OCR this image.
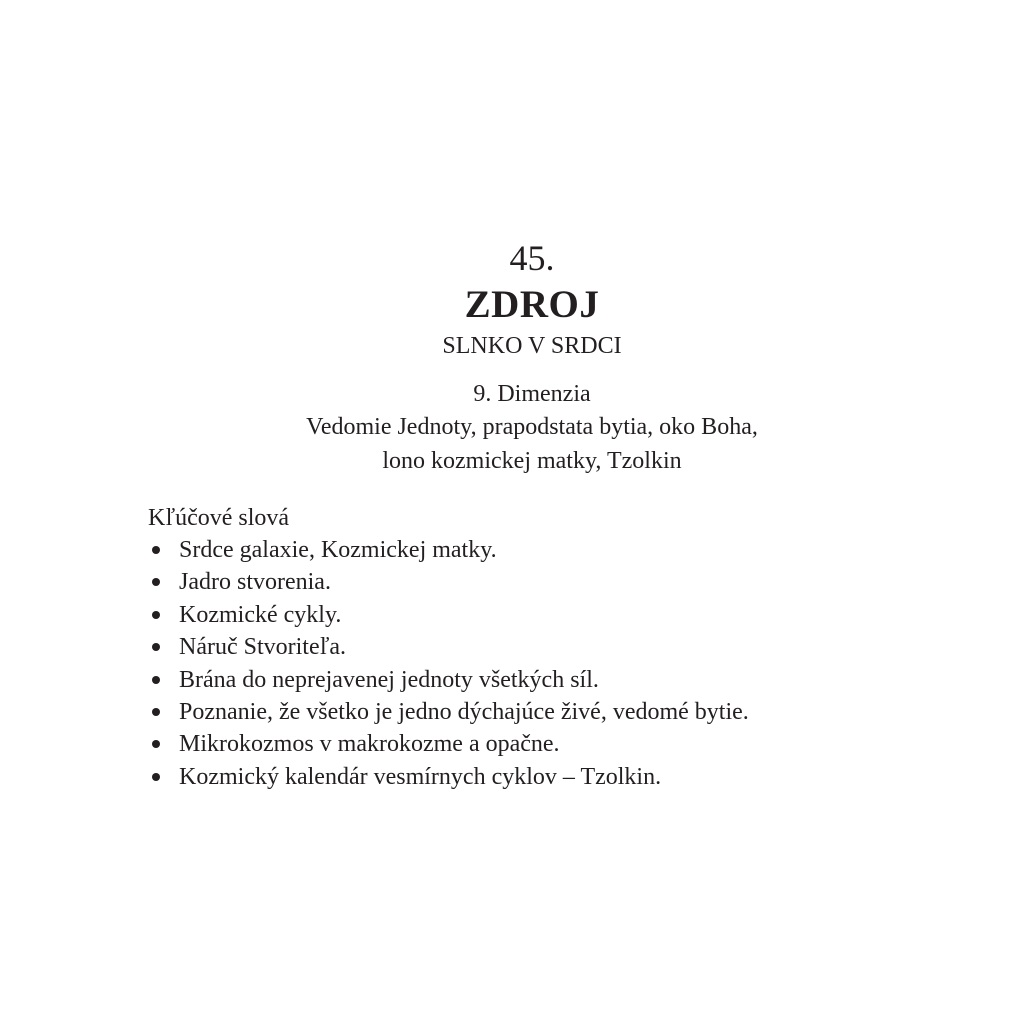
45.
ZDROJ
SLNKO V SRDCI
9. Dimenzia
Vedomie Jednoty, prapodstata bytia, oko Boha,
lono kozmickej matky, Tzolkin
Kľúčové slová
Srdce galaxie, Kozmickej matky.
Jadro stvorenia.
Kozmické cykly.
Náruč Stvoriteľa.
Brána do neprejavenej jednoty všetkých síl.
Poznanie, že všetko je jedno dýchajúce živé, vedomé bytie.
Mikrokozmos v makrokozme a opačne.
Kozmický kalendár vesmírnych cyklov – Tzolkin.
